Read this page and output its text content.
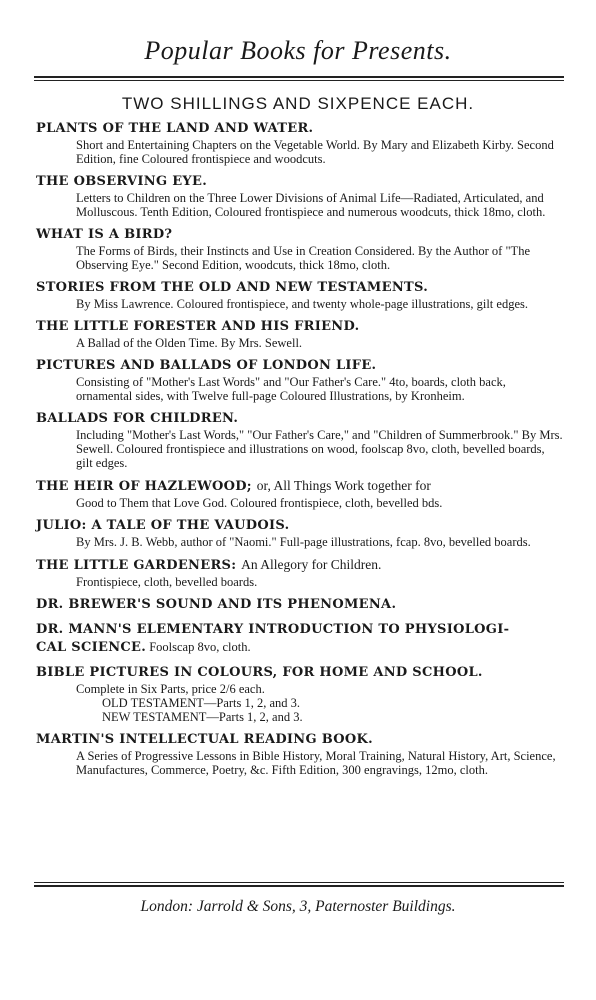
Popular Books for Presents.
TWO SHILLINGS AND SIXPENCE EACH.
PLANTS OF THE LAND AND WATER.
Short and Entertaining Chapters on the Vegetable World. By Mary and Elizabeth Kirby. Second Edition, fine Coloured frontispiece and woodcuts.
THE OBSERVING EYE.
Letters to Children on the Three Lower Divisions of Animal Life—Radiated, Articulated, and Molluscous. Tenth Edition, Coloured frontispiece and numerous woodcuts, thick 18mo, cloth.
WHAT IS A BIRD?
The Forms of Birds, their Instincts and Use in Creation Considered. By the Author of "The Observing Eye." Second Edition, woodcuts, thick 18mo, cloth.
STORIES FROM THE OLD AND NEW TESTAMENTS.
By Miss Lawrence. Coloured frontispiece, and twenty whole-page illustrations, gilt edges.
THE LITTLE FORESTER AND HIS FRIEND.
A Ballad of the Olden Time. By Mrs. Sewell.
PICTURES AND BALLADS OF LONDON LIFE.
Consisting of "Mother's Last Words" and "Our Father's Care." 4to, boards, cloth back, ornamental sides, with Twelve full-page Coloured Illustrations, by Kronheim.
BALLADS FOR CHILDREN.
Including "Mother's Last Words," "Our Father's Care," and "Children of Summerbrook." By Mrs. Sewell. Coloured frontispiece and illustrations on wood, foolscap 8vo, cloth, bevelled boards, gilt edges.
THE HEIR OF HAZLEWOOD; or, All Things Work together for
Good to Them that Love God. Coloured frontispiece, cloth, bevelled bds.
JULIO: A TALE OF THE VAUDOIS.
By Mrs. J. B. Webb, author of "Naomi." Full-page illustrations, fcap. 8vo, bevelled boards.
THE LITTLE GARDENERS: An Allegory for Children.
Frontispiece, cloth, bevelled boards.
DR. BREWER'S SOUND AND ITS PHENOMENA.
DR. MANN'S ELEMENTARY INTRODUCTION TO PHYSIOLOGI-
CAL SCIENCE. Foolscap 8vo, cloth.
BIBLE PICTURES IN COLOURS, FOR HOME AND SCHOOL.
Complete in Six Parts, price 2/6 each.
OLD TESTAMENT—Parts 1, 2, and 3.
NEW TESTAMENT—Parts 1, 2, and 3.
MARTIN'S INTELLECTUAL READING BOOK.
A Series of Progressive Lessons in Bible History, Moral Training, Natural History, Art, Science, Manufactures, Commerce, Poetry, &c. Fifth Edition, 300 engravings, 12mo, cloth.
London: Jarrold & Sons, 3, Paternoster Buildings.
